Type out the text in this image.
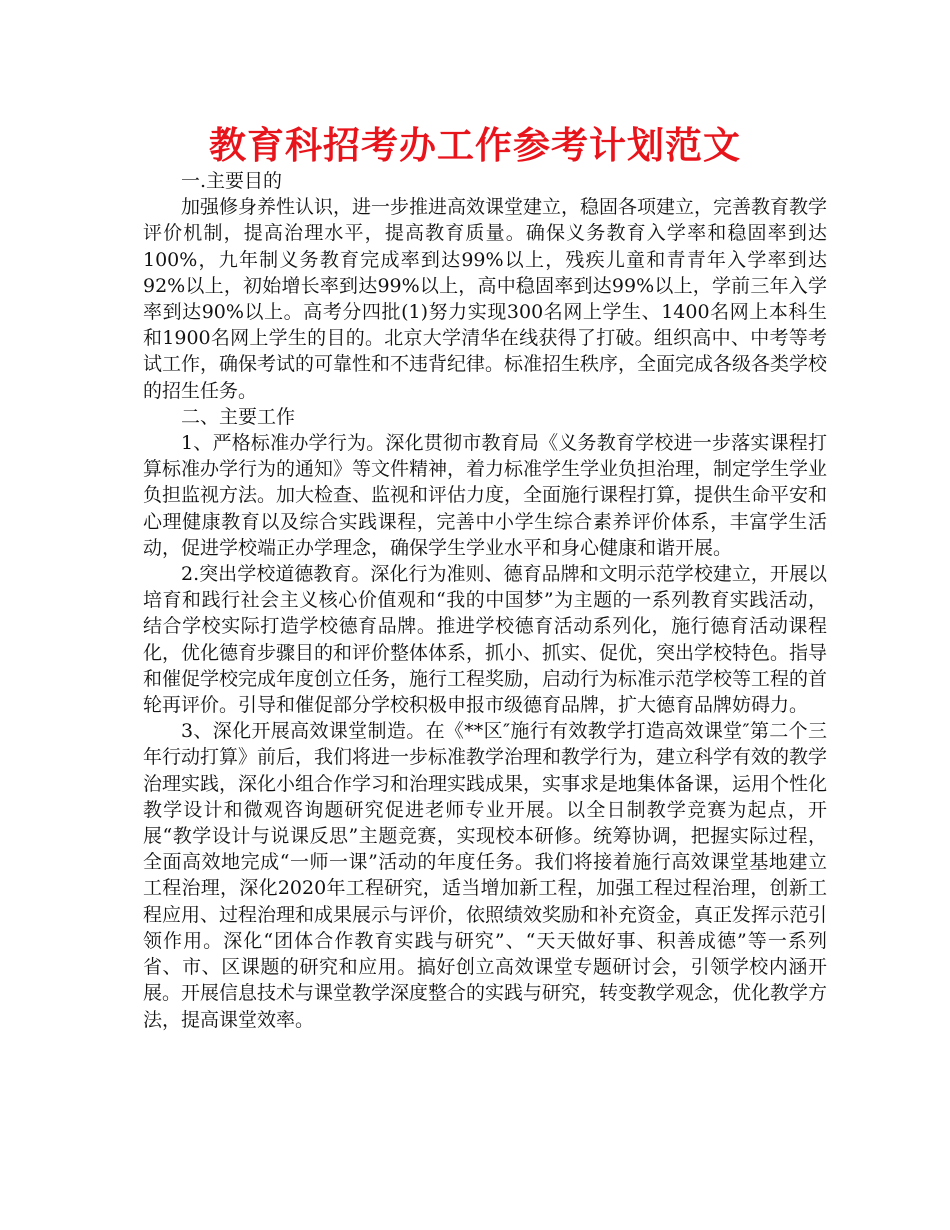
教育科招考办工作参考计划范文

一.主要目的

加强修身养性认识，进一步推进高效课堂建立，稳固各项建立，完善教育教学评价机制，提高治理水平，提高教育质量。确保义务教育入学率和稳固率到达100%，九年制义务教育完成率到达99%以上，残疾儿童和青青年入学率到达92%以上，初始增长率到达99%以上，高中稳固率到达99%以上，学前三年入学率到达90%以上。高考分四批(1)努力实现300名网上学生、1400名网上本科生和1900名网上学生的目的。北京大学清华在线获得了打破。组织高中、中考等考试工作，确保考试的可靠性和不违背纪律。标准招生秩序，全面完成各级各类学校的招生任务。

二、主要工作

1、严格标准办学行为。深化贯彻市教育局《义务教育学校进一步落实课程打算标准办学行为的通知》等文件精神，着力标准学生学业负担治理，制定学生学业负担监视方法。加大检查、监视和评估力度，全面施行课程打算，提供生命平安和心理健康教育以及综合实践课程，完善中小学生综合素养评价体系，丰富学生活动，促进学校端正办学理念，确保学生学业水平和身心健康和谐开展。

2.突出学校道德教育。深化行为准则、德育品牌和文明示范学校建立，开展以培育和践行社会主义核心价值观和“我的中国梦”为主题的一系列教育实践活动，结合学校实际打造学校德育品牌。推进学校德育活动系列化，施行德育活动课程化，优化德育步骤目的和评价整体体系，抓小、抓实、促优，突出学校特色。指导和催促学校完成年度创立任务，施行工程奖励，启动行为标准示范学校等工程的首轮再评价。引导和催促部分学校积极申报市级德育品牌，扩大德育品牌妨碍力。

3、深化开展高效课堂制造。在《**区″施行有效教学打造高效课堂″第二个三年行动打算》前后，我们将进一步标准教学治理和教学行为，建立科学有效的教学治理实践，深化小组合作学习和治理实践成果，实事求是地集体备课，运用个性化教学设计和微观咨询题研究促进老师专业开展。以全日制教学竞赛为起点，开展“教学设计与说课反思”主题竞赛，实现校本研修。统筹协调，把握实际过程，全面高效地完成“一师一课”活动的年度任务。我们将接着施行高效课堂基地建立工程治理，深化2020年工程研究，适当增加新工程，加强工程过程治理，创新工程应用、过程治理和成果展示与评价，依照绩效奖励和补充资金，真正发挥示范引领作用。深化“团体合作教育实践与研究”、“天天做好事、积善成德”等一系列省、市、区课题的研究和应用。搞好创立高效课堂专题研讨会，引领学校内涵开展。开展信息技术与课堂教学深度整合的实践与研究，转变教学观念，优化教学方法，提高课堂效率。
